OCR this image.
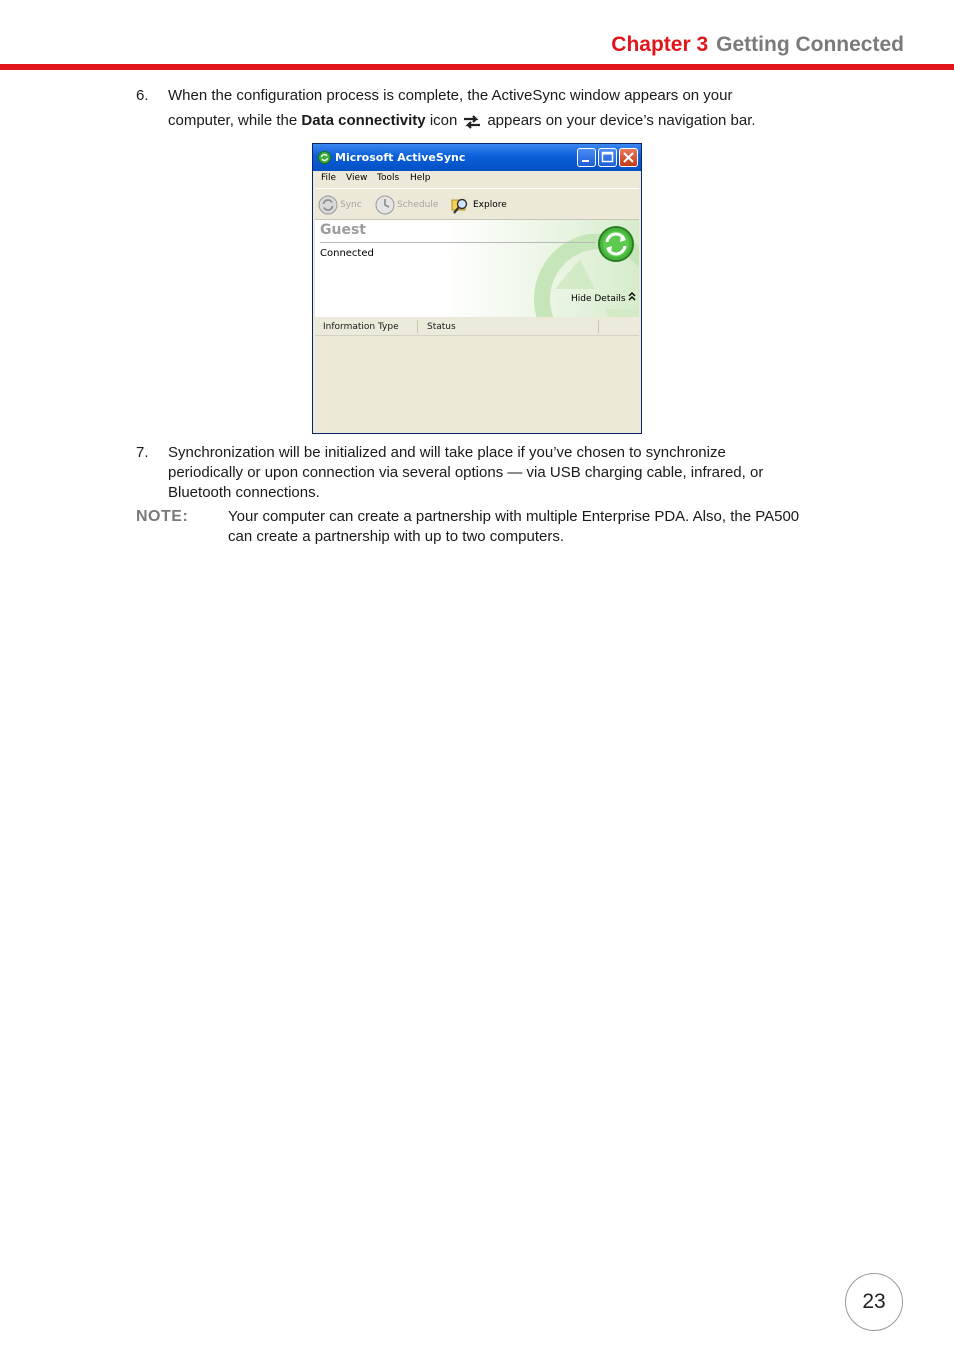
Chapter 3 Getting Connected
6.	When the configuration process is complete, the ActiveSync window appears on your
computer, while the Data connectivity icon appears on your device’s navigation bar.
Microsoft ActiveSync
File View Tools Help
Sync	Schedule	Explore
Guest
Connected
Hide Details
Information Type	Status
7.	Synchronization will be initialized and will take place if you’ve chosen to synchronize
periodically or upon connection via several options — via USB charging cable, infrared, or
Bluetooth connections.
NOTE:	Your computer can create a partnership with multiple Enterprise PDA. Also, the PA500
can create a partnership with up to two computers.
23
